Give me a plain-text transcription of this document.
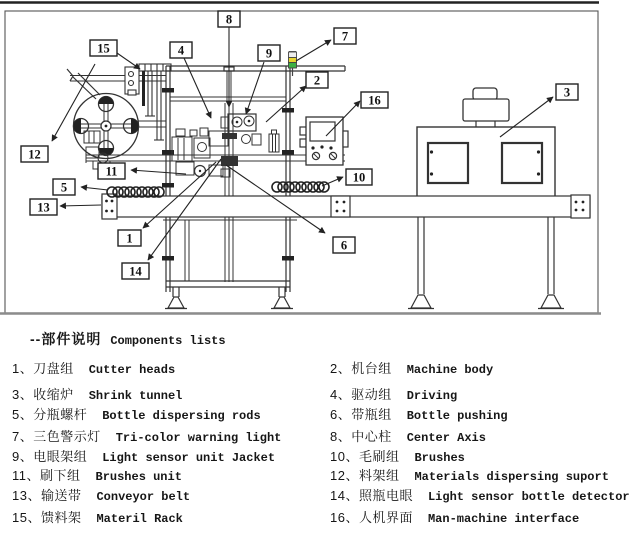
1
2
3
4
5
6
7
8
9
10
11
12
13
14
15
16
--部件说明 Components lists
1、刀盘组 Cutter heads
3、收缩炉 Shrink tunnel
5、分瓶螺杆 Bottle dispersing rods
7、三色警示灯 Tri-color warning light
9、电眼架组 Light sensor unit Jacket
11、刷下组 Brushes unit
13、输送带 Conveyor belt
15、馈料架 Materil Rack
2、机台组 Machine body
4、驱动组 Driving
6、带瓶组 Bottle pushing
8、中心柱 Center Axis
10、毛刷组 Brushes
12、料架组 Materials dispersing suport
14、照瓶电眼 Light sensor bottle detector
16、人机界面 Man-machine interface
